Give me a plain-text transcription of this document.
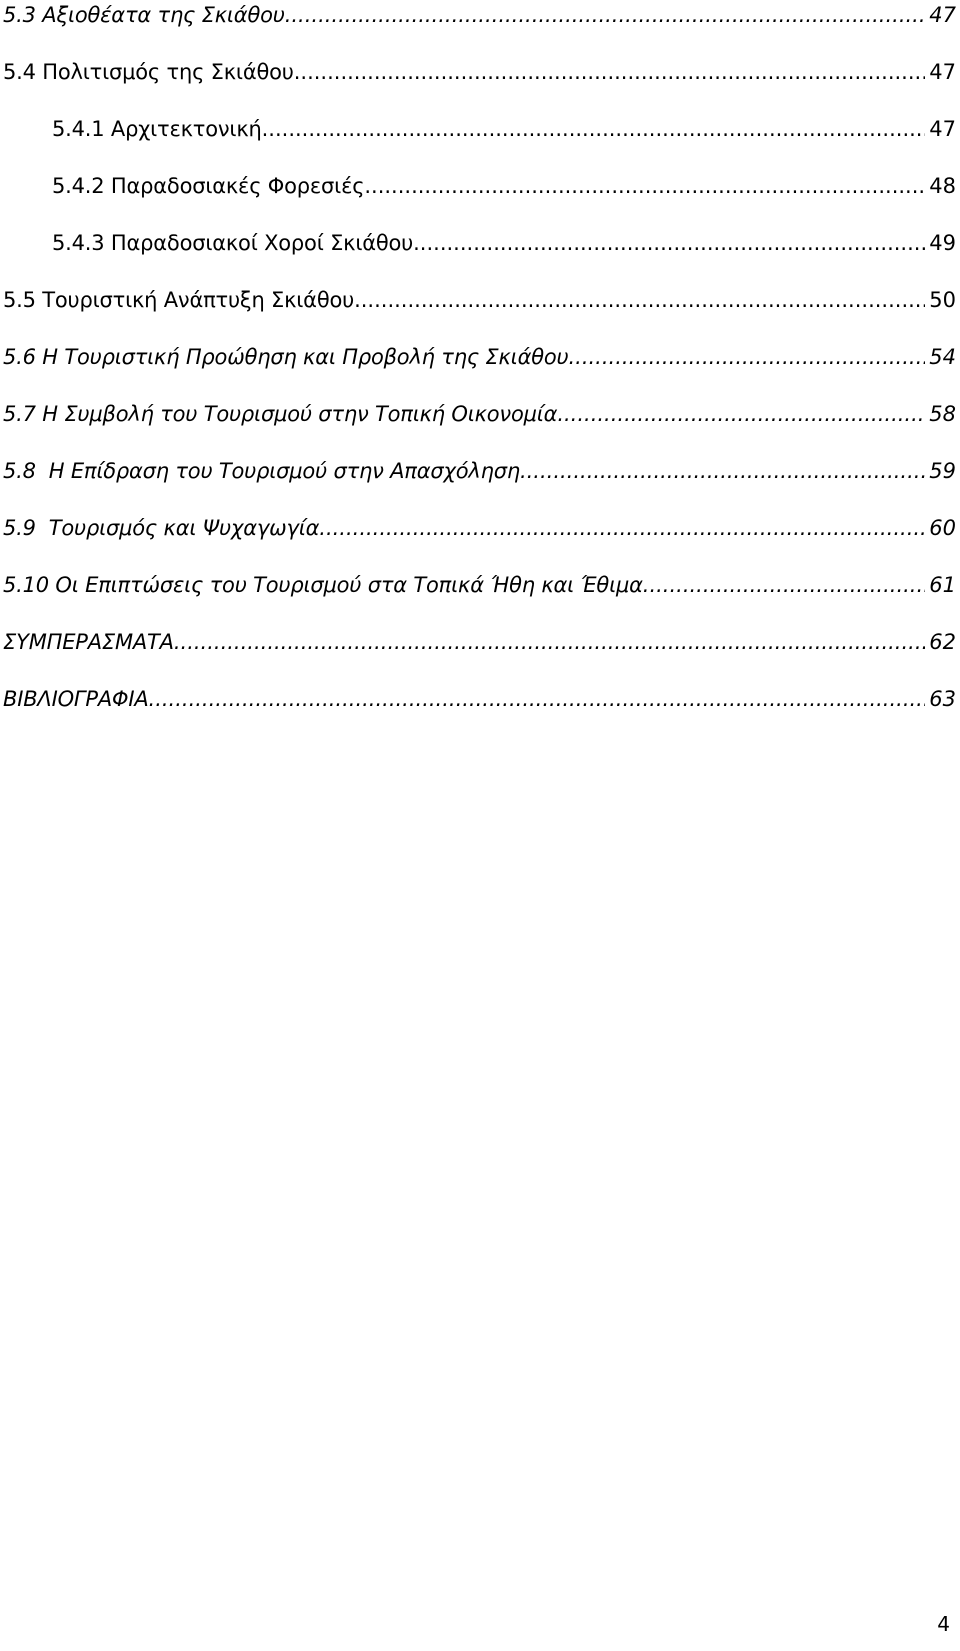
5.3 Αξιοθέατα της Σκιάθου .....	47
5.4 Πολιτισμός της Σκιάθου .....	47
5.4.1 Αρχιτεκτονική .....	47
5.4.2 Παραδοσιακές Φορεσιές .....	48
5.4.3 Παραδοσιακοί Χοροί Σκιάθου .....	49
5.5 Τουριστική Ανάπτυξη Σκιάθου .....	50
5.6 Η Τουριστική Προώθηση και Προβολή της Σκιάθου .....	54
5.7 Η Συμβολή του Τουρισμού στην Τοπική Οικονομία .....	58
5.8  Η Επίδραση του Τουρισμού στην Απασχόληση .....	59
5.9  Τουρισμός και Ψυχαγωγία .....	60
5.10 Οι Επιπτώσεις του Τουρισμού στα Τοπικά Ήθη και Έθιμα .....	61
ΣΥΜΠΕΡΑΣΜΑΤΑ .....	62
ΒΙΒΛΙΟΓΡΑΦΙΑ .....	63
4
